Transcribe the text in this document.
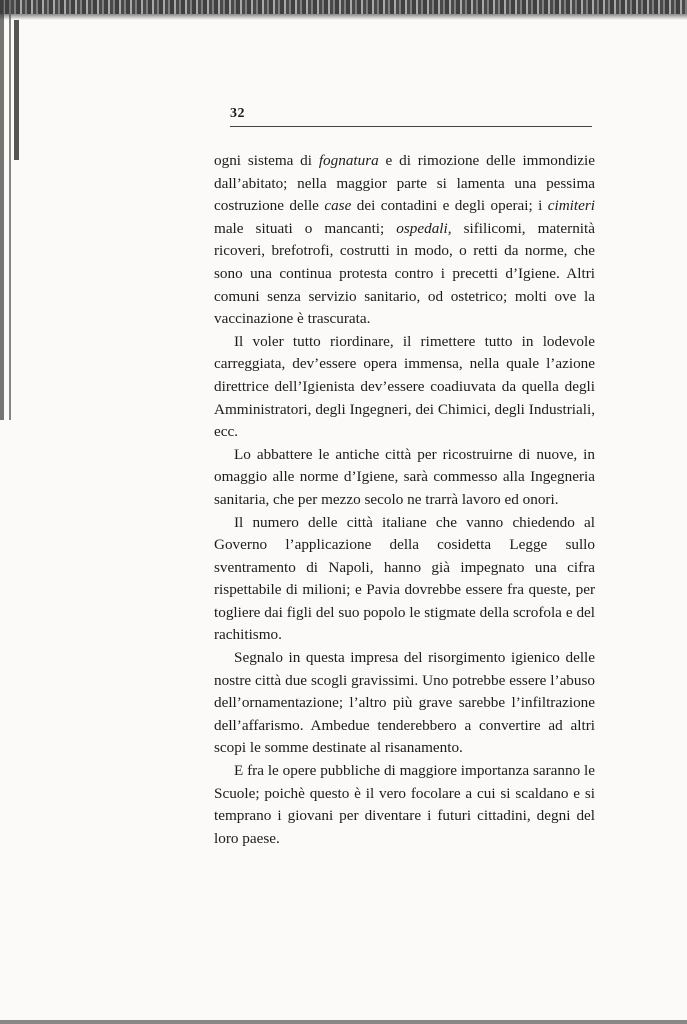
32

ogni sistema di fognatura e di rimozione delle immondizie dall’abitato; nella maggior parte si lamenta una pessima costruzione delle case dei contadini e degli operai; i cimiteri male situati o mancanti; ospedali, sifilicomi, maternità ricoveri, brefotrofi, costrutti in modo, o retti da norme, che sono una continua protesta contro i precetti d’Igiene. Altri comuni senza servizio sanitario, od ostetrico; molti ove la vaccinazione è trascurata.

Il voler tutto riordinare, il rimettere tutto in lodevole carreggiata, dev’essere opera immensa, nella quale l’azione direttrice dell’Igienista dev’essere coadiuvata da quella degli Amministratori, degli Ingegneri, dei Chimici, degli Industriali, ecc.

Lo abbattere le antiche città per ricostruirne di nuove, in omaggio alle norme d’Igiene, sarà commesso alla Ingegneria sanitaria, che per mezzo secolo ne trarrà lavoro ed onori.

Il numero delle città italiane che vanno chiedendo al Governo l’applicazione della cosidetta Legge sullo sventramento di Napoli, hanno già impegnato una cifra rispettabile di milioni; e Pavia dovrebbe essere fra queste, per togliere dai figli del suo popolo le stigmate della scrofola e del rachitismo.

Segnalo in questa impresa del risorgimento igienico delle nostre città due scogli gravissimi. Uno potrebbe essere l’abuso dell’ornamentazione; l’altro più grave sarebbe l’infiltrazione dell’affarismo. Ambedue tenderebbero a convertire ad altri scopi le somme destinate al risanamento.

E fra le opere pubbliche di maggiore importanza saranno le Scuole; poichè questo è il vero focolare a cui si scaldano e si temprano i giovani per diventare i futuri cittadini, degni del loro paese.
